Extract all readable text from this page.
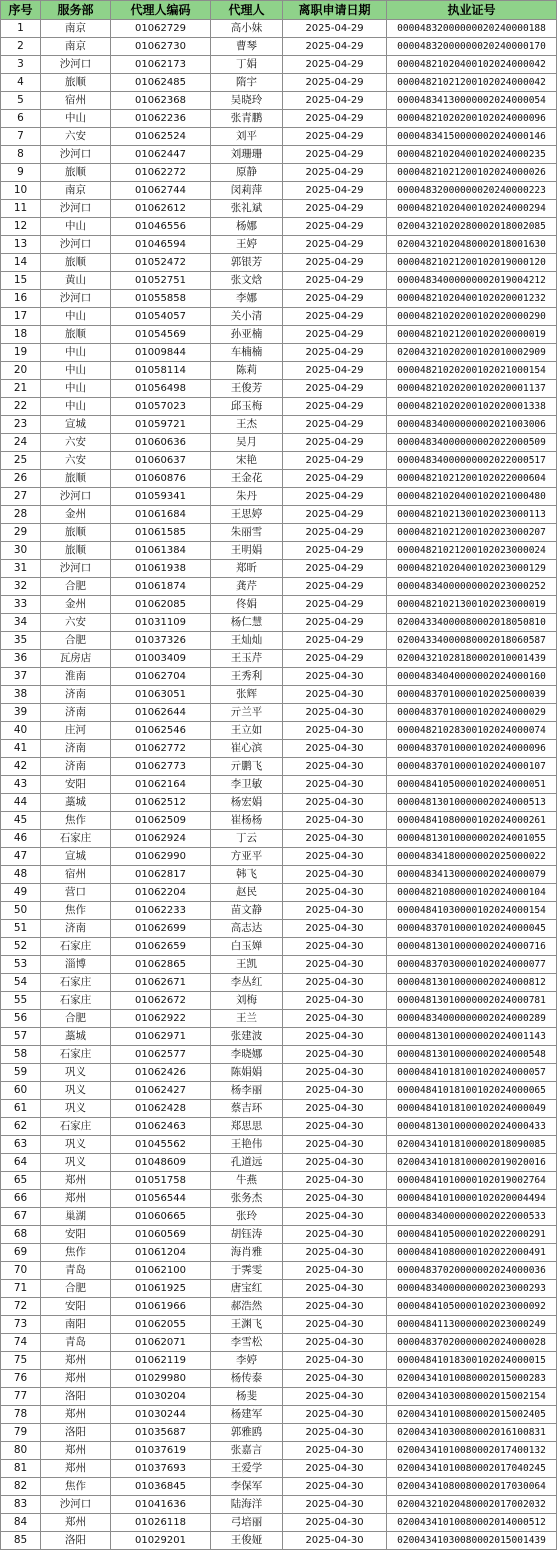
序号	服务部	代理人编码	代理人	离职申请日期	执业证号
1	南京	01062729	高小妹	2025-04-29	00004832000000020240000188
2	南京	01062730	曹琴	2025-04-29	00004832000000020240000170
3	沙河口	01062173	丁娟	2025-04-29	00004821020400102024000042
4	旅顺	01062485	隋宇	2025-04-29	00004821021200102024000042
5	宿州	01062368	吴晓玲	2025-04-29	00004834130000002024000054
6	中山	01062236	张青鹏	2025-04-29	00004821020200102024000096
7	六安	01062524	刘平	2025-04-29	00004834150000002024000146
8	沙河口	01062447	刘珊珊	2025-04-29	00004821020400102024000235
9	旅顺	01062272	原静	2025-04-29	00004821021200102024000026
10	南京	01062744	闵莉萍	2025-04-29	00004832000000020240000223
11	沙河口	01062612	张礼斌	2025-04-29	00004821020400102024000294
12	中山	01046556	杨娜	2025-04-29	02004321020280002018002085
13	沙河口	01046594	王婷	2025-04-29	02004321020480002018001630
14	旅顺	01052472	郭银芳	2025-04-29	00004821021200102019000120
15	黄山	01052751	张文焓	2025-04-29	00004834000000002019004212
16	沙河口	01055858	李娜	2025-04-29	00004821020400102020001232
17	中山	01054057	关小清	2025-04-29	00004821020200102020000290
18	旅顺	01054569	孙亚楠	2025-04-29	00004821021200102020000019
19	中山	01009844	车楠楠	2025-04-29	02004321020200102010002909
20	中山	01058114	陈莉	2025-04-29	00004821020200102021000154
21	中山	01056498	王俊芳	2025-04-29	00004821020200102020001137
22	中山	01057023	邱玉梅	2025-04-29	00004821020200102020001338
23	宣城	01059721	王杰	2025-04-29	00004834000000002021003006
24	六安	01060636	吴月	2025-04-29	00004834000000002022000509
25	六安	01060637	宋艳	2025-04-29	00004834000000002022000517
26	旅顺	01060876	王金花	2025-04-29	00004821021200102022000604
27	沙河口	01059341	朱丹	2025-04-29	00004821020400102021000480
28	金州	01061684	王思婷	2025-04-29	00004821021300102023000113
29	旅顺	01061585	朱丽雪	2025-04-29	00004821021200102023000207
30	旅顺	01061384	王明娟	2025-04-29	00004821021200102023000024
31	沙河口	01061938	郑昕	2025-04-29	00004821020400102023000129
32	合肥	01061874	龚芹	2025-04-29	00004834000000002023000252
33	金州	01062085	佟娟	2025-04-29	00004821021300102023000019
34	六安	01031109	杨仁慧	2025-04-29	02004334000080002018050810
35	合肥	01037326	王灿灿	2025-04-29	02004334000080002018060587
36	瓦房店	01003409	王玉芹	2025-04-29	02004321028180002010001439
37	淮南	01062704	王秀利	2025-04-30	00004834040000002024000160
38	济南	01063051	张辉	2025-04-30	00004837010000102025000039
39	济南	01062644	亓兰平	2025-04-30	00004837010000102024000029
40	庄河	01062546	王立如	2025-04-30	00004821028300102024000074
41	济南	01062772	崔心滨	2025-04-30	00004837010000102024000096
42	济南	01062773	亓鹏飞	2025-04-30	00004837010000102024000107
43	安阳	01062164	李卫敏	2025-04-30	00004841050000102024000051
44	藁城	01062512	杨宏娟	2025-04-30	00004813010000002024000513
45	焦作	01062509	崔杨杨	2025-04-30	00004841080000102024000261
46	石家庄	01062924	丁云	2025-04-30	00004813010000002024001055
47	宣城	01062990	方亚平	2025-04-30	00004834180000002025000022
48	宿州	01062817	韩飞	2025-04-30	00004834130000002024000079
49	营口	01062204	赵民	2025-04-30	00004821080000102024000104
50	焦作	01062233	苗文静	2025-04-30	00004841030000102024000154
51	济南	01062699	高志达	2025-04-30	00004837010000102024000045
52	石家庄	01062659	白玉婵	2025-04-30	00004813010000002024000716
53	淄博	01062865	王凯	2025-04-30	00004837030000102024000077
54	石家庄	01062671	李丛红	2025-04-30	00004813010000002024000812
55	石家庄	01062672	刘梅	2025-04-30	00004813010000002024000781
56	合肥	01062922	王兰	2025-04-30	00004834000000002024000289
57	藁城	01062971	张建波	2025-04-30	00004813010000002024001143
58	石家庄	01062577	李晓娜	2025-04-30	00004813010000002024000548
59	巩义	01062426	陈娟娟	2025-04-30	00004841018100102024000057
60	巩义	01062427	杨李丽	2025-04-30	00004841018100102024000065
61	巩义	01062428	蔡吉环	2025-04-30	00004841018100102024000049
62	石家庄	01062463	郑思思	2025-04-30	00004813010000002024000433
63	巩义	01045562	王艳伟	2025-04-30	02004341018100002018090085
64	巩义	01048609	孔道远	2025-04-30	02004341018100002019020016
65	郑州	01051758	牛燕	2025-04-30	00004841010000102019002764
66	郑州	01056544	张务杰	2025-04-30	00004841010000102020004494
67	巢湖	01060665	张玲	2025-04-30	00004834000000002022000533
68	安阳	01060569	胡钰涛	2025-04-30	00004841050000102022000291
69	焦作	01061204	海肖雅	2025-04-30	00004841080000102022000491
70	青岛	01062100	于霁雯	2025-04-30	00004837020000002024000036
71	合肥	01061925	唐宝红	2025-04-30	00004834000000002023000293
72	安阳	01061966	郝浩然	2025-04-30	00004841050000102023000092
73	南阳	01062055	王渊飞	2025-04-30	00004841130000002023000249
74	青岛	01062071	李雪松	2025-04-30	00004837020000002024000028
75	郑州	01062119	李婷	2025-04-30	00004841018300102024000015
76	郑州	01029980	杨传泰	2025-04-30	02004341010080002015000283
77	洛阳	01030204	杨斐	2025-04-30	02004341030080002015002154
78	郑州	01030244	杨建军	2025-04-30	02004341010080002015002405
79	洛阳	01035687	郭雅鸥	2025-04-30	02004341030080002016100831
80	郑州	01037619	张嘉言	2025-04-30	02004341010080002017400132
81	郑州	01037693	王爱学	2025-04-30	02004341010080002017040245
82	焦作	01036845	李保军	2025-04-30	02004341080080002017030064
83	沙河口	01041636	陆海洋	2025-04-30	02004321020480002017002032
84	郑州	01026118	弓培丽	2025-04-30	02004341010080002014000512
85	洛阳	01029201	王俊娅	2025-04-30	02004341030080002015001439
